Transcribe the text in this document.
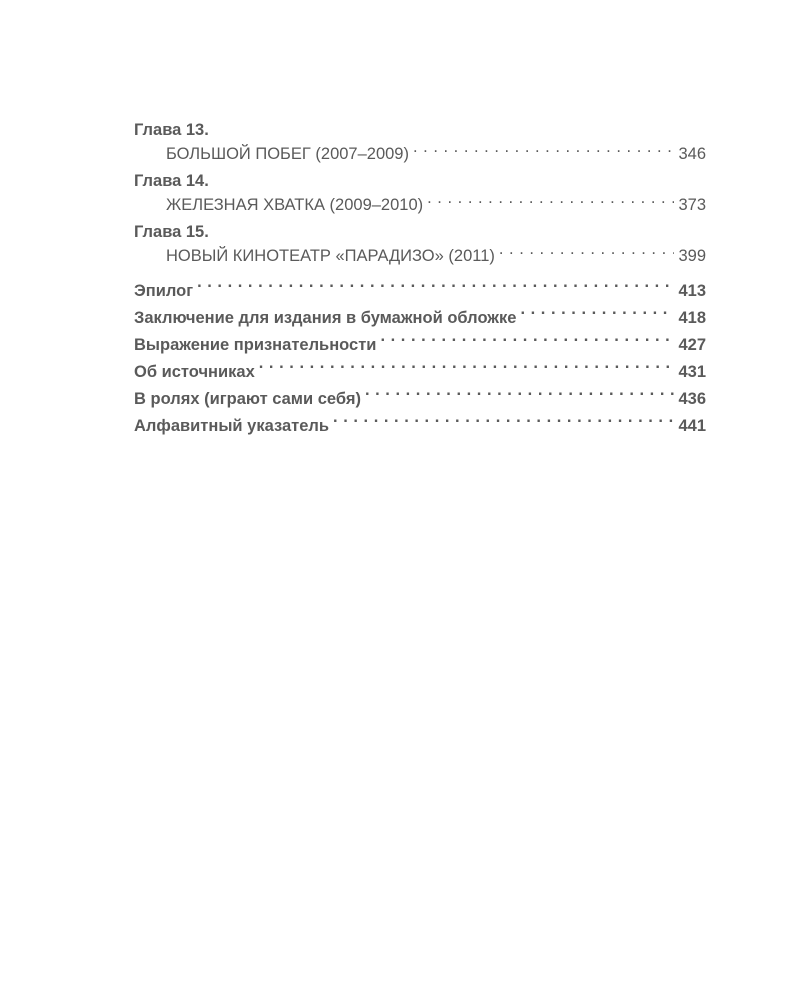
Глава 13.
БОЛЬШОЙ ПОБЕГ (2007–2009) . . .	346
Глава 14.
ЖЕЛЕЗНАЯ ХВАТКА (2009–2010) . . .	373
Глава 15.
НОВЫЙ КИНОТЕАТР «ПАРАДИЗО» (2011) . . .	399
Эпилог . . .	413
Заключение для издания в бумажной обложке . . .	418
Выражение признательности . . .	427
Об источниках . . .	431
В ролях (играют сами себя) . . .	436
Алфавитный указатель . . .	441
